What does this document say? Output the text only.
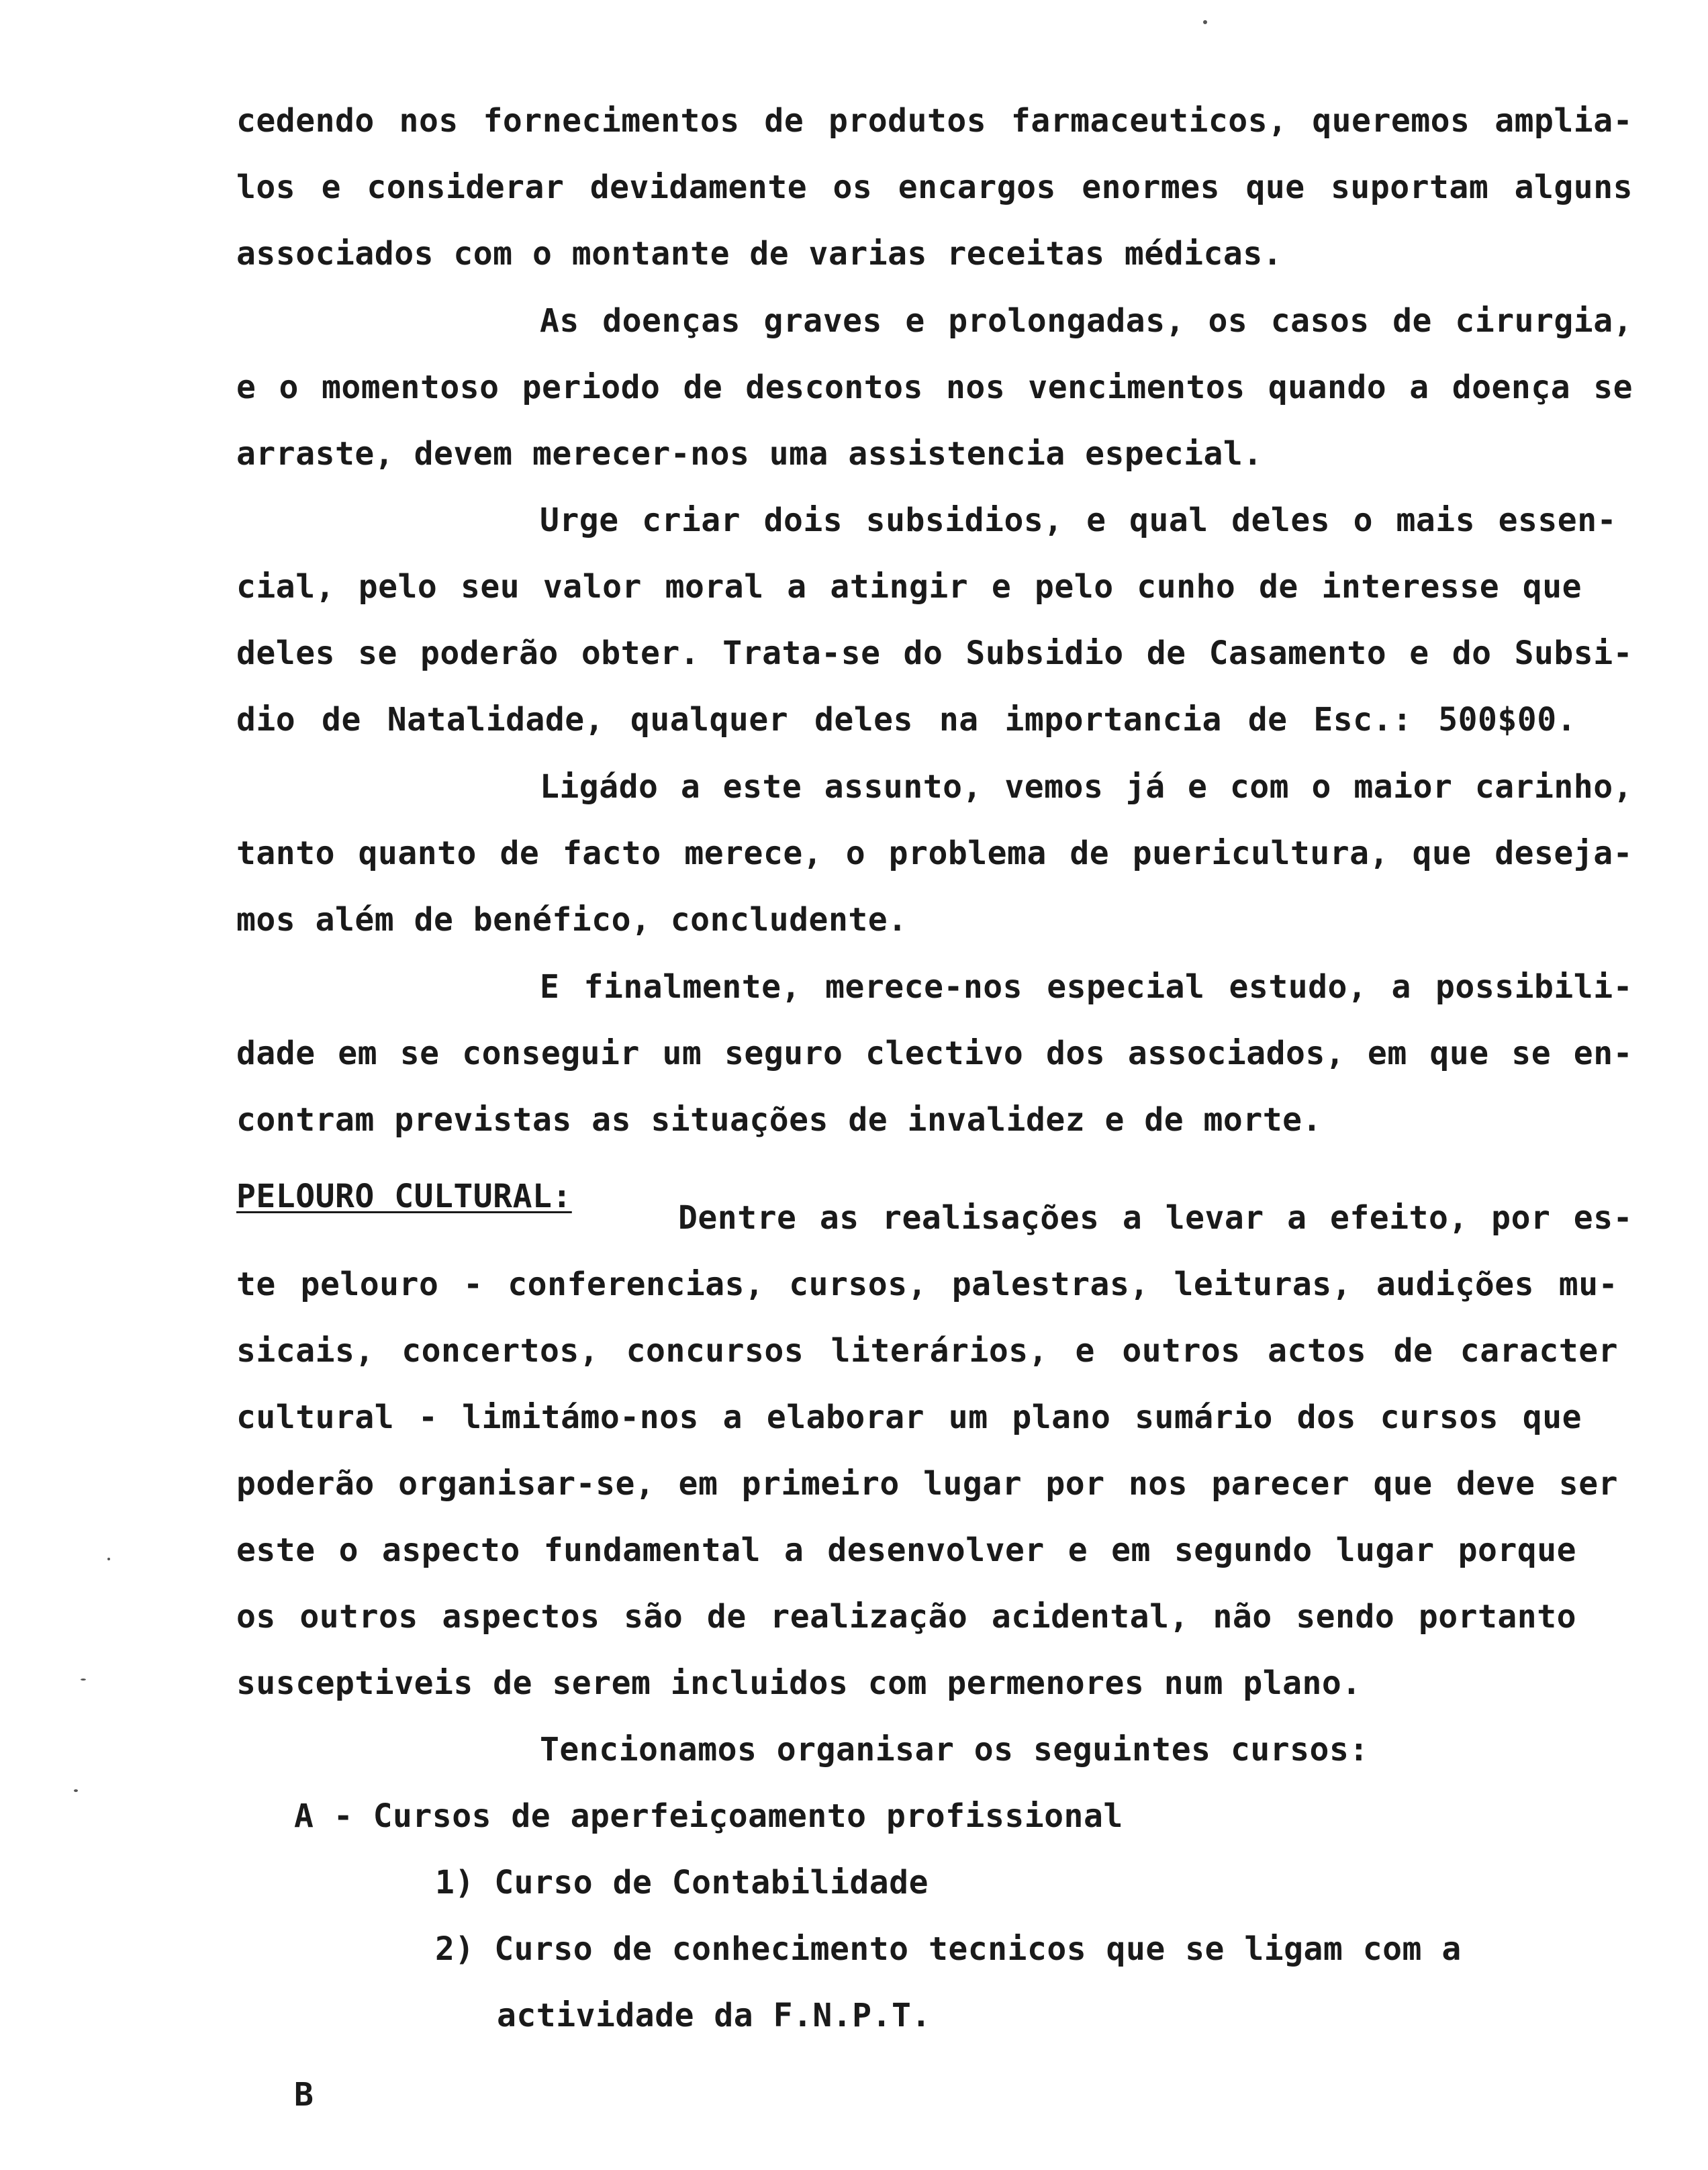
cedendo nos fornecimentos de produtos farmaceuticos, queremos amplia-
los e considerar devidamente os encargos enormes que suportam alguns
associados com o montante de varias receitas médicas.
As doenças graves e prolongadas, os casos de cirurgia,
e o momentoso periodo de descontos nos vencimentos quando a doença se
arraste, devem merecer-nos uma assistencia especial.
Urge criar dois subsidios, e qual deles o mais essen-
cial, pelo seu valor moral a atingir e pelo cunho de interesse que
deles se poderão obter. Trata-se do Subsidio de Casamento e do Subsi-
dio de Natalidade, qualquer deles na importancia de Esc.: 500$00.
Ligádo a este assunto, vemos já e com o maior carinho,
tanto quanto de facto merece, o problema de puericultura, que deseja-
mos além de benéfico, concludente.
E finalmente, merece-nos especial estudo, a possibili-
dade em se conseguir um seguro clectivo dos associados, em que se en-
contram previstas as situações de invalidez e de morte.
PELOURO CULTURAL:
Dentre as realisações a levar a efeito, por es-
te pelouro - conferencias, cursos, palestras, leituras, audições mu-
sicais, concertos, concursos literários, e outros actos de caracter
cultural - limitámo-nos a elaborar um plano sumário dos cursos que
poderão organisar-se, em primeiro lugar por nos parecer que deve ser
este o aspecto fundamental a desenvolver e em segundo lugar porque
os outros aspectos são de realização acidental, não sendo portanto
susceptiveis de serem incluidos com permenores num plano.
Tencionamos organisar os seguintes cursos:
A - Cursos de aperfeiçoamento profissional
1) Curso de Contabilidade
2) Curso de conhecimento tecnicos que se ligam com a
actividade da F.N.P.T.
B
